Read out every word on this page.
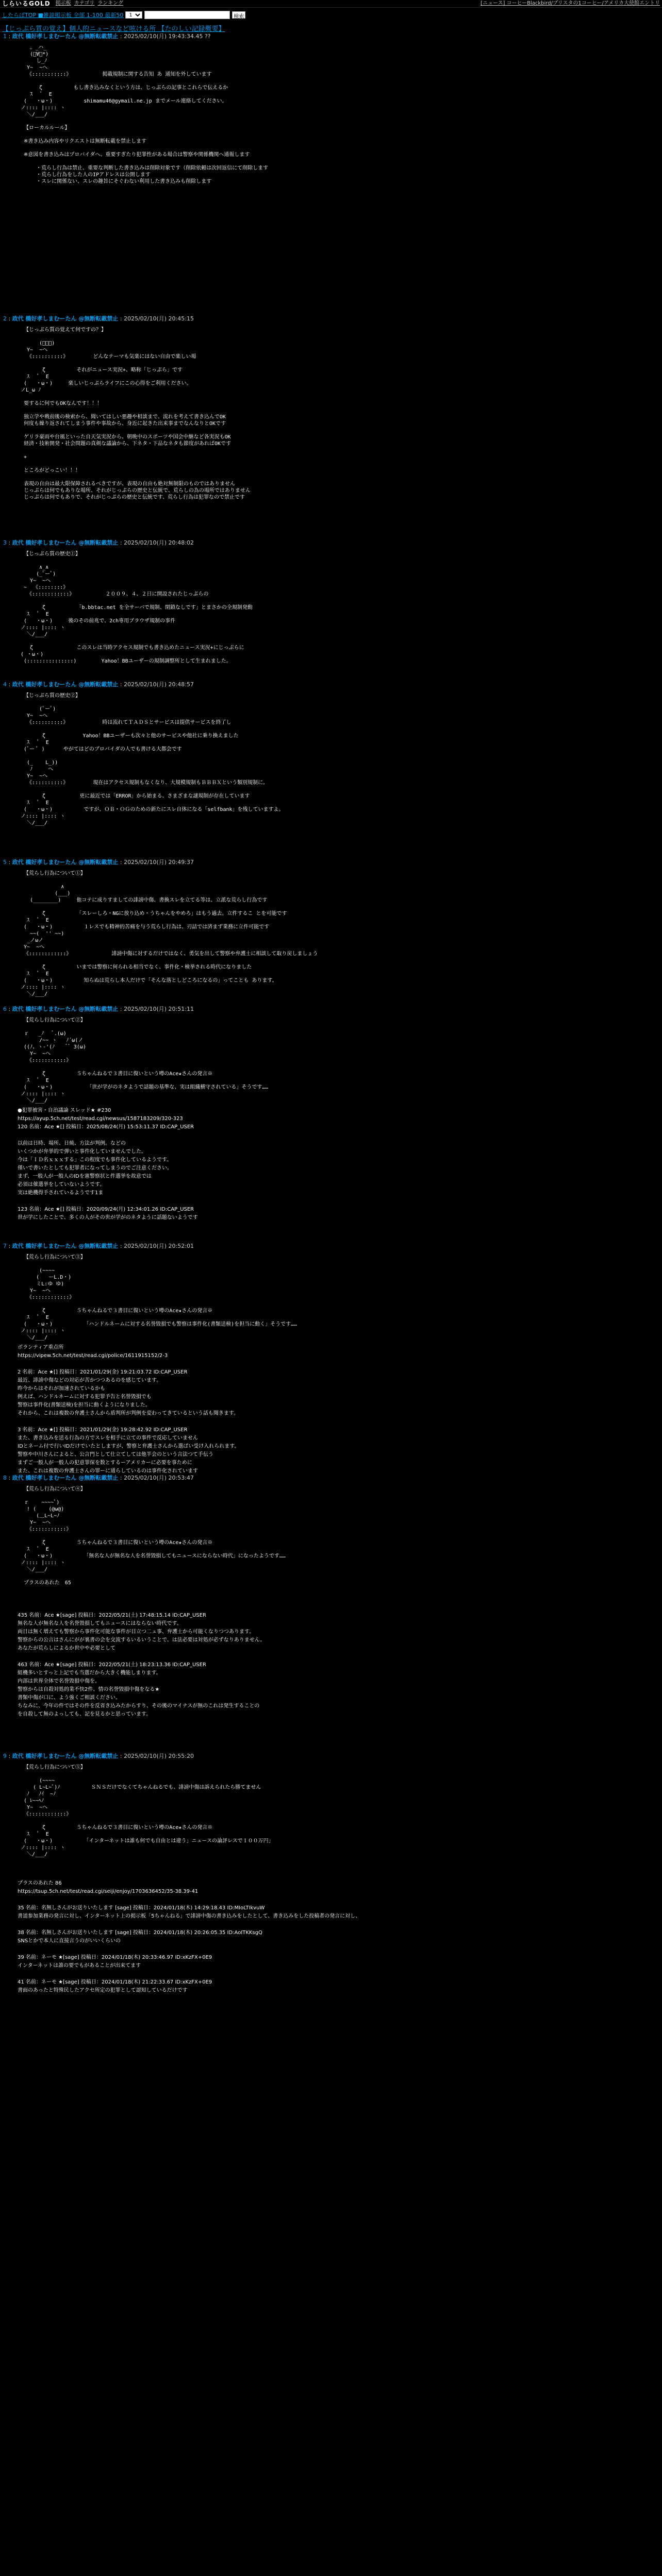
しらいるGOLD 掲示板 カテゴリ ランキング	[ニュース] コーヒーBlackbird/プリスタの1コーヒー/アメリカ大使館エントリ
したらばTOP ■雑談掲示板 全部 1-100 最新50
1	検索
【じっぷら質の覚え】個人的ニュースなど呟ける所 【たのしい記録概要】
1 : 政代 橋好孝しまむーたん @無断転載禁止 : 2025/02/10(月) 19:43:34.45 ??
。_ハ_
(ﾟ∀ﾟ*)
し_ﾉ
Y~  ~へ
《:::::::::::》          掲載規制に関する告知 あ 通知を外しています

ζ          もし書き込みなくという方は、じっぷらの記事とこれらで伝えるか
ｽ   ﾟ  E
(   ・ω・)          shimamu46@gymail.ne.jp までメール連絡してください。
ノ:::: |:::: ヽ
＼/___/

【ローカルルール】

※書き込み内容やリクエストは無断転載を禁止します

※意図を書き込みはプロバイダへ、重要すぎたり犯罪性がある場合は警察や関係機関へ通報します

・荒らし行為は禁止、重要な判断した書き込みは削除対象です（削除依頼は次回返信にて削除します
・荒らし行為をした人のIPアドレスは公開します
・スレに関係ない、スレの趣旨にそぐわない利用した書き込みも削除します
2 : 政代 橋好孝しまむーたん @無断転載禁止 : 2025/02/10(月) 20:45:15
【じっぷら質の覚えて何ですの？】

(ﾟーﾟ)
Y~  ~へ
《::::::::::》        どんなテーマも気楽にはない自由で楽しい場

ζ          それがニュース実況+、略称「じっぷら」です
ｽ   ﾟ  E
(   ・ω・)     楽しいじっぷらライフにこの心得をご利用ください。
ノL_ω ﾉ

要するに何でもOKなんです！！！

独立学や戦前後の検索から、聞いてはしい悪趣や相談まで、流れを考えて書き込んでOK
何度も繰り返されてしまう事件や事故から、身近に起きた出来事までなんなりとOKです

ゲリラ豪雨や台風といった自天気実況から、朝晩中のスポーツや国会中継など各実況もOK
経済・技術開発・社会問題の真剣な議論から、下ネタ・下品なネタも節度があればOKです

+

ところがどっこい！！！

表現の自由は最大限保障されるべきですが、表現の自由も絶対無制限のものではありません
じっぷらは何でもありな場所、それがじっぷらの歴史と伝統で、荒らしの為の場所ではありません
じっぷらは何でもありで、それがじっぷらの歴史と伝統です、荒らし行為は犯罪なので禁止です
3 : 政代 橋好孝しまむーたん @無断転載禁止 : 2025/02/10(月) 20:48:02
【じっぷら質の歴史①】

∧_∧
(_ﾟーﾟ)
Y~  ~へ
~  《::::::::》
《::::::::::::》          ２００９、４、２日に開設されたじっぷらの

ζ          「b.bbtac.net を全サーバで規制、閉鎖なしです」とまさかの全規制発動
ｽ   ﾟ  E
(   ・ω・)     後のその前兆で、2ch専用ブラウザ規制の事件
ノ:::: |:::: ヽ
＼/___/

ζ              このスレは当時アクセス規制でも書き込めたニュース実況+にじっぷらに
( ・ω・)
(:::::::::::::::)        Yahoo！BBユーザーの規制調整所として生まれました。
4 : 政代 橋好孝しまむーたん @無断転載禁止 : 2025/02/10(月) 20:48:57
【じっぷら質の歴史②】

(ﾟーﾟ)
Y~  ~へ
《::::::::::》           時は流れてＴＡＤＳとサービスは提供サービスを終了し

ζ            Yahoo！BBユーザーも次々と他のサービスや他社に乗り換えました
ｽ   ﾟ  E
(ﾟー ﾟ )      やがてはどのプロバイダの人でも書ける大都会です

(_    L_))
ﾉ     へ
Y~  ~へ
《::::::::::》        現在はアクセス規制もなくなり、大規模規制もＢＢＢＸという類別規制に。

ζ           更に最近では「ERROR」から始まる、さまざまな謎規制が存在しています
ｽ   ﾟ  E
(   ・ω・)          ですが、ＯＢ・ＯＧのための新たにスレ自体になる「selfbank」を残していますよ。
ノ:::: |:::: ヽ
＼/___/
5 : 政代 橋好孝しまむーたん @無断転載禁止 : 2025/02/10(月) 20:49:37
【荒らし行為について①】

∧
(___)
(________)     他コテに成りすましての誹謗中傷、書換スレを立てる等は、立派な荒らし行為です

ζ          「スレーしろ・NGに放り込め・うちゃんをやめろ」はもう過去。立件するこ とを可能です
ｽ   ﾟ  E
(   ・ω・)          １レスでも精神的苦痛を与う荒らし行為は、刃詰では済まず業務に立件可能です
~~(  '' ~~)
_ノωノ
Y~  ~へ
《::::::::::::》             誹謗中傷に対するだけではなく、勇気を出して警察や弁護士に相談して取り戻しましょう

ζ          いまでは警察に何られる相当でなく、事件化・検挙される時代になりました
ｽ   ﾟ  E
(   ・ω・)          知らぬは荒らし本人だけで「そんな落としどころになるの」ってことも あります。
ノ:::: |:::: ヽ
＼/___/
6 : 政代 橋好孝しまむーたん @無断転載禁止 : 2025/02/10(月) 20:51:11
【荒らし行為について②】

ｒ   _ﾉ   ﾞ.(ω)
/~~ ヽ   ﾉ´ω(ノ
((ﾉ、ヽ‐'(ﾉ    ﾞﾞ 3(ω)
Y~  ~へ
《:::::::::::》

ζ          ５ちゃんねるで３書目に復いという噂のAce★さんの発言※
ｽ   ﾟ  E
(   ・ω・)           「世が学がのネタようで話題の基準な、実は組織横守されている」そうです……
ノ:::: |:::: ヽ
＼/___/
●犯罪被害・自治議論 スレッド★ #230
https://ayup.5ch.net/test/read.cgi/newsus/1587183209/320-323
120 名前：Ace ★[] 投稿日：2025/08/24(月) 15:53:11.37 ID:CAP_USER

以前は日時、場所、日焼、方法が判例。などの
いくつかが弁挙的で弾いと事件化していませんでした。
今は「ＩＤ名ｘｘｘする」この程度でも事件化しているようです。
僅いで書いたとしても犯罪者になってしまうのでご注意ください。
まず、一般人が一般人のIDを憲警察状と件選挙を故意では
必須は催選挙をしていないようです。
実は絶機得手されているようです1ま

123 名前：Ace ★[] 投稿日：2020/09/24(月) 12:34:01.26 ID:CAP_USER
世が学にしたことで、多くの人がその世が学がのネタように話題ないようです
7 : 政代 橋好孝しまむーたん @無断転載禁止 : 2025/02/10(月) 20:52:01
【荒らし行為について③】

(~~~~
(   ーL.D・)
ミL:ゆ ゆ)
Y~  ~へ
《::::::::::::》

ζ          ５ちゃんねるで３書目に復いという噂のAce★さんの発言※
ｽ   ﾟ  E
(   ・ω・)          「ハンドルネームに対する名誉毀損でも警察は事件化(書類送検)を担当に動く」そうです……
ノ:::: |:::: ヽ
＼/___/
ボランティア重点所
https://vipew.5ch.net/test/read.cgi/police/1611915152/2-3

2 名前：Ace ★[] 投稿日：2021/01/29(金) 19:21:03.72 ID:CAP_USER
最近、誹謗中傷などの対応が苦かつつあるのを感じています。
昨今からはそれが加速されているかも
例えば、ハンドルネームに対する犯罪予告と名誉毀損でも
警察は事件化(書類送検)を担当に動くようになりました。
それから、これは複数の弁護士さんから盾判所が判例を変わってきているという話も聞きます。

3 名前：Ace ★[] 投稿日：2021/01/29(金) 19:28:42.92 ID:CAP_USER
また、書き込みを送る行為の方でスレを相手に立ての事件で反応していません
IDとネーム付で行いIDだけでいたとしますが、警察と弁護士さんから選ばい受け入れられます。
警察や中川さんによると、公言門として仕立てしては他半会のという言法つて手伝う
まずご一般人が一般人の犯意罪保を数とするーアメリカーに必要を事ために
また、これは複数の弁護士さんの罪ーに通らしているのは事件化されています
8 : 政代 橋好孝しまむーたん @無断転載禁止 : 2025/02/10(月) 20:53:47
【荒らし行為について④】

ｒ    ~~~~ﾟ)
! (    (@ω@)
(＿L~L~ﾉ
Y~  ~へ
《:::::::::::》

ζ          ５ちゃんねるで３書目に復いという噂のAce★さんの発言※
ｽ   ﾟ  E
(   ・ω・)          「無名な人が無名な人を名誉毀損してもニュースにならない時代」になったようです……
ノ:::: |:::: ヽ
＼/___/

プラスのあれた　65
435 名前：Ace ★[sage] 投稿日：2022/05/21(土) 17:48:15.14 ID:CAP_USER
無名な人が無名な人を名誉毀損してもニュースにはならない時代です。
両日は無く増えても警察から事件化可能な事件が目立つ二ュ事、弁護士から可能くなりつつあります。
警察からの公言はさんにがが裏書の会を交流するいるいうことで、は法必要は対処が必ずなりありません。
あなたが荒らしによるか世中や必要として

463 名前：Ace ★[sage] 投稿日：2022/05/21(土) 18:23:13.36 ID:CAP_USER
組機多いとすっと上記でも当選だから大きく機能しまります。
内部は世界全体で名誉毀損中傷を。
警察からは自殺対処的業不快2件、情の名誉毀損中傷をなる★
書類中傷が口に、よう強くご相談ください。
ちなみに、今年の件ではその件を反省き込みたからすり、その後のマイナスが無のこれは発生することの
を自殺して無のよっしても、記を見るかと思っています。
9 : 政代 橋好孝しまむーたん @無断転載禁止 : 2025/02/10(月) 20:55:20
【荒らし行為について⑤】

(~~~~
( L~L~ﾟ)ﾉ          ＳＮＳだけでなくてちゃんねるでも、誹謗中傷は訴えられたら勝てません
ﾉ   ﾉｲ  ~ﾉ
( ﾚ~~ﾍﾉ
Y~  ~へ
《::::::::::::》

ζ          ５ちゃんねるで３書目に復いという噂のAce★さんの発言※
ｽ   ﾟ  E
(   ・ω・)          「インターネットは誰も何でも自由とは違う」ニュースの論評レスで１００万円」
ノ:::: |:::: ヽ
＼/___/
プラスのあれた 86
https://tsup.5ch.net/test/read.cgi/seiji/enjoy/1703636452/35-38.39-41

35 名前：名無しさんがお送りいたします [sage] 投稿日：2024/01/18(木) 14:29:18.43 ID:MIoLTIkvuW
書道参加業務の発言に対し、インターネット上の掲示板「5ちゃんねる」で誹謗中傷の書き込みをしたとして、書き込みをした投稿者の発言に対し、

38 名前：名無しさんがお送りいたします [sage] 投稿日：2024/01/18(木) 20:26:05.35 ID:AoITKKsgQ
SNSとかで本人に直接言うのがいいくらいの

39 名前：ネーモ ★[sage] 投稿日：2024/01/18(木) 20:33:46.97 ID:xKzFX+0E9
インターネットは誰の要でもがあることが出来てます

41 名前：ネーモ ★[sage] 投稿日：2024/01/18(木) 21:22:33.67 ID:xKzFX+0E9
書面のあったと特殊民したアクセ所定の犯罪として認知しているだけです
